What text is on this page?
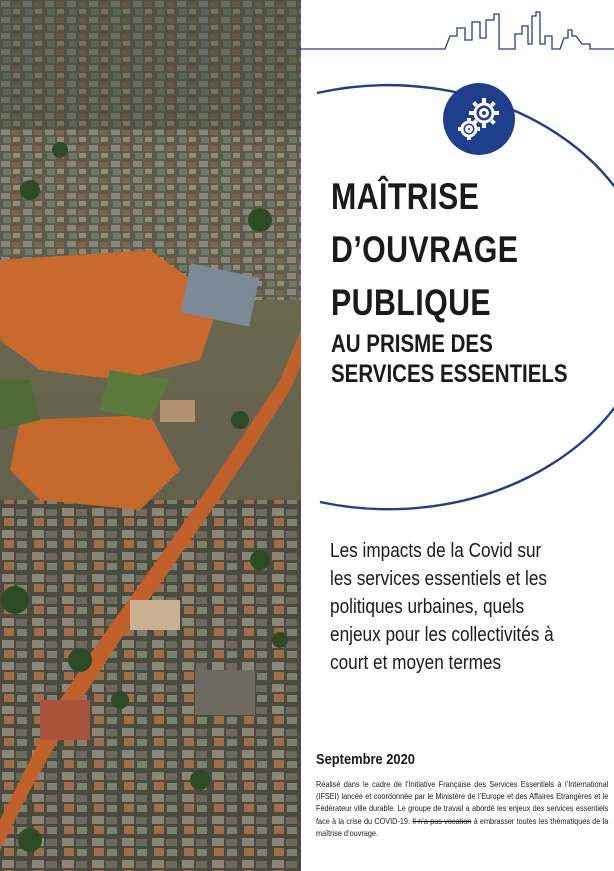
MAÎTRISE
D’OUVRAGE
PUBLIQUE
AU PRISME DES
SERVICES ESSENTIELS
Les impacts de la Covid sur
les services essentiels et les
politiques urbaines, quels
enjeux pour les collectivités à
court et moyen termes
Septembre 2020
Réalisé dans le cadre de l’Initiative Française des Services Essentiels à l’International (IFSEI) lancée et coordonnée par le Ministère de l’Europe et des Affaires Etrangères et le Fédérateur ville durable. Le groupe de travail a abordé les enjeux des services essentiels face à la crise du COVID-19. Il n’a pas vocation à embrasser toutes les thématiques de la maîtrise d’ouvrage.
